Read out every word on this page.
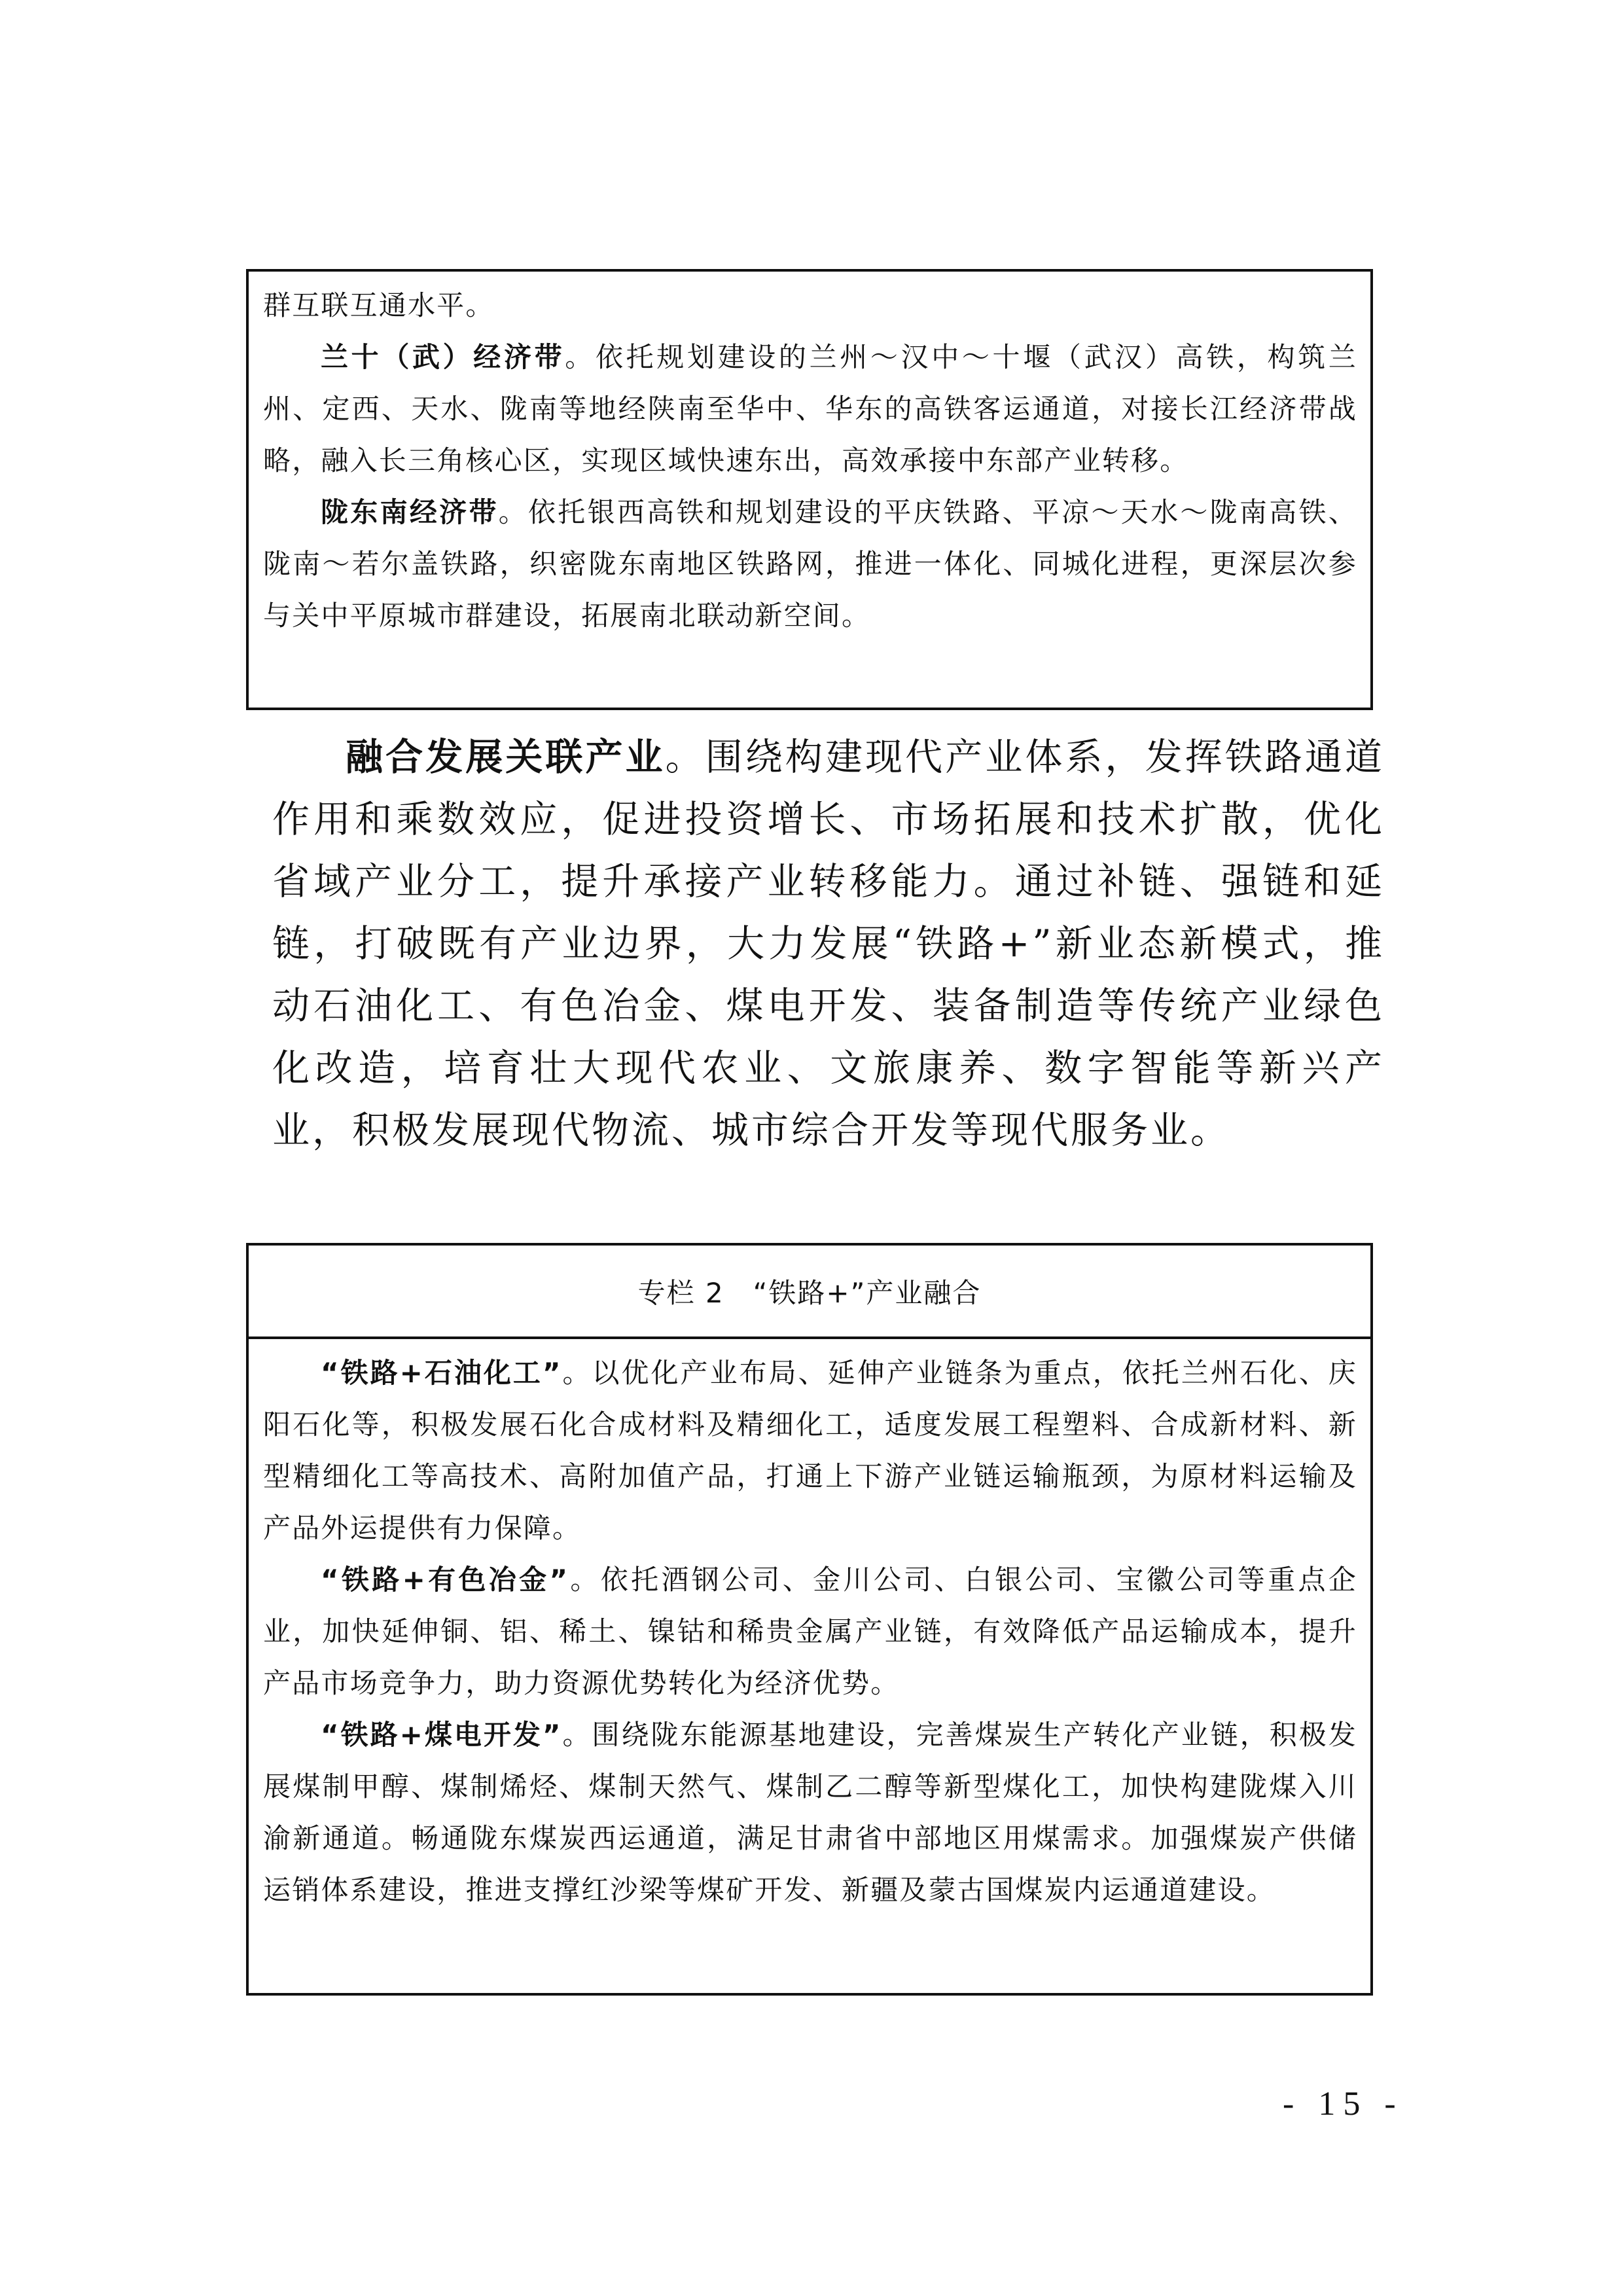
群互联互通水平。

兰十（武）经济带。依托规划建设的兰州～汉中～十堰（武汉）高铁，构筑兰州、定西、天水、陇南等地经陕南至华中、华东的高铁客运通道，对接长江经济带战略，融入长三角核心区，实现区域快速东出，高效承接中东部产业转移。

陇东南经济带。依托银西高铁和规划建设的平庆铁路、平凉～天水～陇南高铁、陇南～若尔盖铁路，织密陇东南地区铁路网，推进一体化、同城化进程，更深层次参与关中平原城市群建设，拓展南北联动新空间。

融合发展关联产业。围绕构建现代产业体系，发挥铁路通道作用和乘数效应，促进投资增长、市场拓展和技术扩散，优化省域产业分工，提升承接产业转移能力。通过补链、强链和延链，打破既有产业边界，大力发展“铁路+”新业态新模式，推动石油化工、有色冶金、煤电开发、装备制造等传统产业绿色化改造，培育壮大现代农业、文旅康养、数字智能等新兴产业，积极发展现代物流、城市综合开发等现代服务业。

专栏 2　“铁路+”产业融合

“铁路+石油化工”。以优化产业布局、延伸产业链条为重点，依托兰州石化、庆阳石化等，积极发展石化合成材料及精细化工，适度发展工程塑料、合成新材料、新型精细化工等高技术、高附加值产品，打通上下游产业链运输瓶颈，为原材料运输及产品外运提供有力保障。

“铁路+有色冶金”。依托酒钢公司、金川公司、白银公司、宝徽公司等重点企业，加快延伸铜、铝、稀土、镍钴和稀贵金属产业链，有效降低产品运输成本，提升产品市场竞争力，助力资源优势转化为经济优势。

“铁路+煤电开发”。围绕陇东能源基地建设，完善煤炭生产转化产业链，积极发展煤制甲醇、煤制烯烃、煤制天然气、煤制乙二醇等新型煤化工，加快构建陇煤入川渝新通道。畅通陇东煤炭西运通道，满足甘肃省中部地区用煤需求。加强煤炭产供储运销体系建设，推进支撑红沙梁等煤矿开发、新疆及蒙古国煤炭内运通道建设。

- 15 -
